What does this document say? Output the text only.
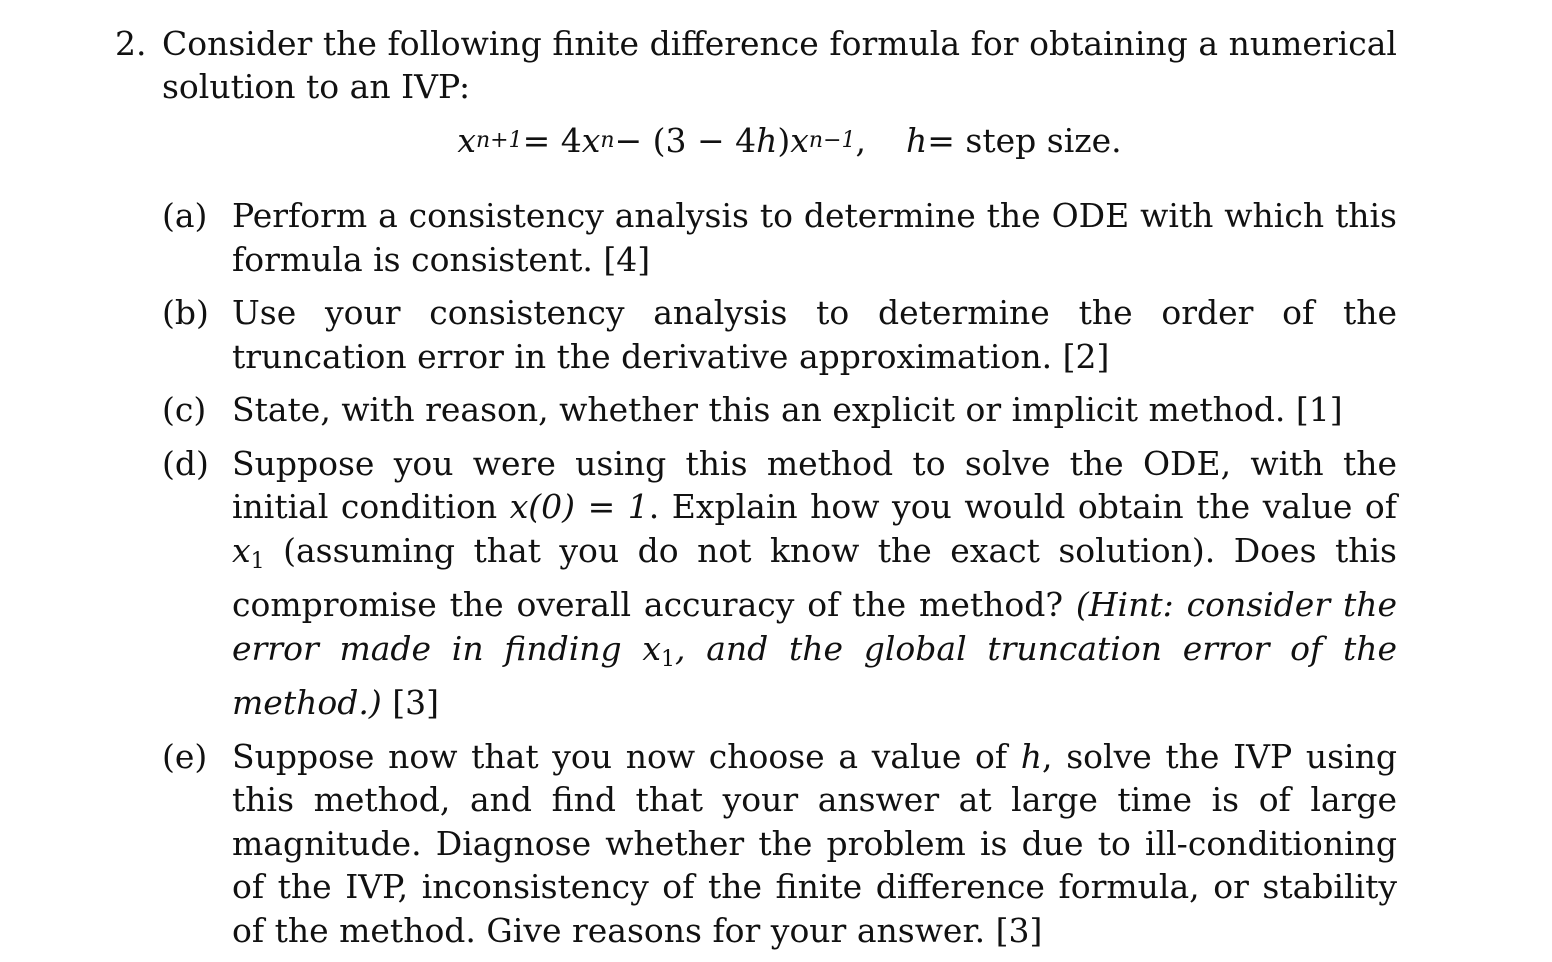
2. Consider the following finite difference formula for obtaining a numerical solution to an IVP:
x n+1 = 4 x n − (3 − 4 h ) x n−1 , h = step size.
(a) Perform a consistency analysis to determine the ODE with which this formula is consistent. [4]
(b) Use your consistency analysis to determine the order of the truncation error in the derivative approximation. [2]
(c) State, with reason, whether this an explicit or implicit method. [1]
(d) Suppose you were using this method to solve the ODE, with the initial condition x(0) = 1. Explain how you would obtain the value of x1 (assuming that you do not know the exact solution). Does this compromise the overall accuracy of the method? (Hint: consider the error made in finding x1, and the global truncation error of the method.) [3]
(e) Suppose now that you now choose a value of h, solve the IVP using this method, and find that your answer at large time is of large magnitude. Diagnose whether the problem is due to ill-conditioning of the IVP, inconsistency of the finite difference formula, or stability of the method. Give reasons for your answer. [3]
